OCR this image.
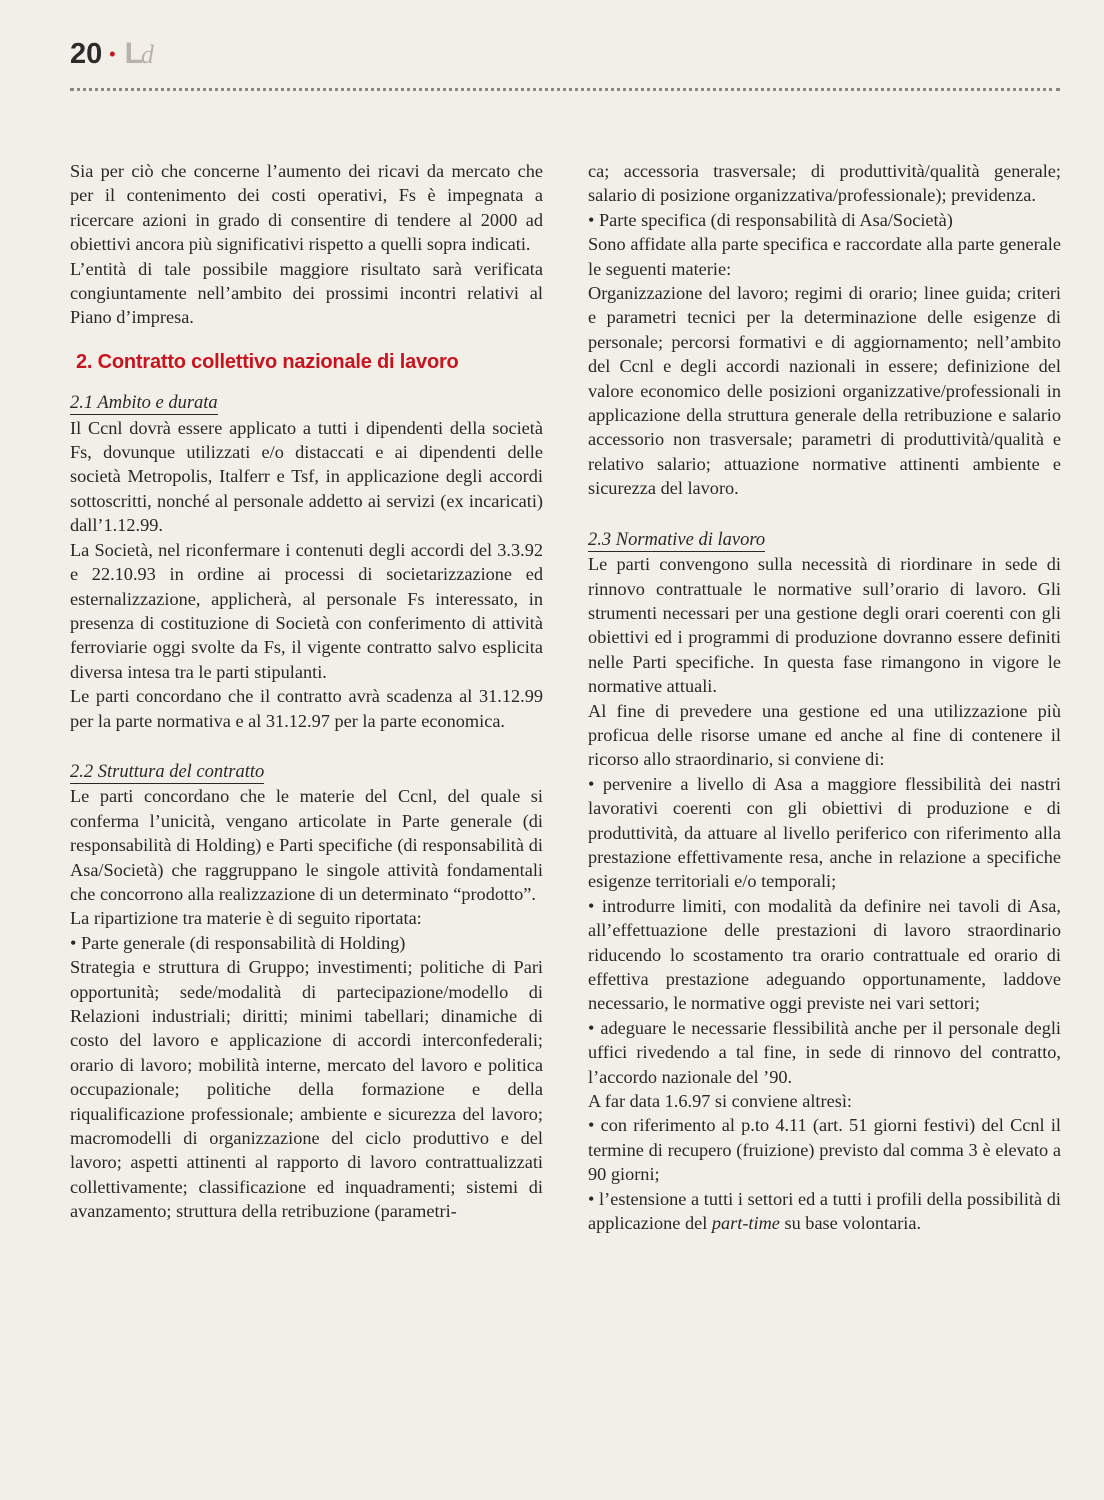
20 • L d

Sia per ciò che concerne l’aumento dei ricavi da mercato che per il contenimento dei costi operativi, Fs è impegnata a ricercare azioni in grado di consentire di tendere al 2000 ad obiettivi ancora più significativi rispetto a quelli sopra indicati.

L’entità di tale possibile maggiore risultato sarà verificata congiuntamente nell’ambito dei prossimi incontri relativi al Piano d’impresa.

2. Contratto collettivo nazionale di lavoro
2.1 Ambito e durata

Il Ccnl dovrà essere applicato a tutti i dipendenti della società Fs, dovunque utilizzati e/o distaccati e ai dipendenti delle società Metropolis, Italferr e Tsf, in applicazione degli accordi sottoscritti, nonché al personale addetto ai servizi (ex incaricati) dall’1.12.99.

La Società, nel riconfermare i contenuti degli accordi del 3.3.92 e 22.10.93 in ordine ai processi di societarizzazione ed esternalizzazione, applicherà, al personale Fs interessato, in presenza di costituzione di Società con conferimento di attività ferroviarie oggi svolte da Fs, il vigente contratto salvo esplicita diversa intesa tra le parti stipulanti.

Le parti concordano che il contratto avrà scadenza al 31.12.99 per la parte normativa e al 31.12.97 per la parte economica.

2.2 Struttura del contratto

Le parti concordano che le materie del Ccnl, del quale si conferma l’unicità, vengano articolate in Parte generale (di responsabilità di Holding) e Parti specifiche (di responsabilità di Asa/Società) che raggruppano le singole attività fondamentali che concorrono alla realizzazione di un determinato “prodotto”.

La ripartizione tra materie è di seguito riportata:

• Parte generale (di responsabilità di Holding)

Strategia e struttura di Gruppo; investimenti; politiche di Pari opportunità; sede/modalità di partecipazione/modello di Relazioni industriali; diritti; minimi tabellari; dinamiche di costo del lavoro e applicazione di accordi interconfederali; orario di lavoro; mobilità interne, mercato del lavoro e politica occupazionale; politiche della formazione e della riqualificazione professionale; ambiente e sicurezza del lavoro; macromodelli di organizzazione del ciclo produttivo e del lavoro; aspetti attinenti al rapporto di lavoro contrattualizzati collettivamente; classificazione ed inquadramenti; sistemi di avanzamento; struttura della retribuzione (parametri-

ca; accessoria trasversale; di produttività/qualità generale; salario di posizione organizzativa/professionale); previdenza.

• Parte specifica (di responsabilità di Asa/Società)

Sono affidate alla parte specifica e raccordate alla parte generale le seguenti materie:

Organizzazione del lavoro; regimi di orario; linee guida; criteri e parametri tecnici per la determinazione delle esigenze di personale; percorsi formativi e di aggiornamento; nell’ambito del Ccnl e degli accordi nazionali in essere; definizione del valore economico delle posizioni organizzative/professionali in applicazione della struttura generale della retribuzione e salario accessorio non trasversale; parametri di produttività/qualità e relativo salario; attuazione normative attinenti ambiente e sicurezza del lavoro.

2.3 Normative di lavoro

Le parti convengono sulla necessità di riordinare in sede di rinnovo contrattuale le normative sull’orario di lavoro. Gli strumenti necessari per una gestione degli orari coerenti con gli obiettivi ed i programmi di produzione dovranno essere definiti nelle Parti specifiche. In questa fase rimangono in vigore le normative attuali.

Al fine di prevedere una gestione ed una utilizzazione più proficua delle risorse umane ed anche al fine di contenere il ricorso allo straordinario, si conviene di:

• pervenire a livello di Asa a maggiore flessibilità dei nastri lavorativi coerenti con gli obiettivi di produzione e di produttività, da attuare al livello periferico con riferimento alla prestazione effettivamente resa, anche in relazione a specifiche esigenze territoriali e/o temporali;

• introdurre limiti, con modalità da definire nei tavoli di Asa, all’effettuazione delle prestazioni di lavoro straordinario riducendo lo scostamento tra orario contrattuale ed orario di effettiva prestazione adeguando opportunamente, laddove necessario, le normative oggi previste nei vari settori;

• adeguare le necessarie flessibilità anche per il personale degli uffici rivedendo a tal fine, in sede di rinnovo del contratto, l’accordo nazionale del ’90.

A far data 1.6.97 si conviene altresì:

• con riferimento al p.to 4.11 (art. 51 giorni festivi) del Ccnl il termine di recupero (fruizione) previsto dal comma 3 è elevato a 90 giorni;

• l’estensione a tutti i settori ed a tutti i profili della possibilità di applicazione del part-time su base volontaria.
